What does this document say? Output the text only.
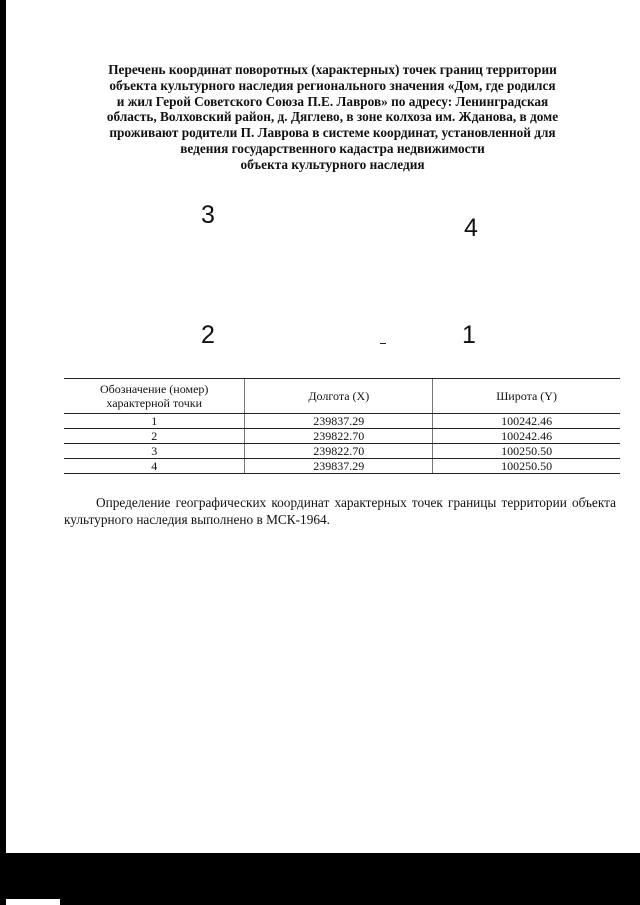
Перечень координат поворотных (характерных) точек границ территории
объекта культурного наследия регионального значения «Дом, где родился
и жил Герой Советского Союза П.Е. Лавров» по адресу: Ленинградская
область, Волховский район, д. Дяглево, в зоне колхоза им. Жданова, в доме
проживают родители П. Лаврова в системе координат, установленной для
ведения государственного кадастра недвижимости
объекта культурного наследия
3	4
2	1
Обозначение (номер) характерной точки	Долгота (X)	Широта (Y)
1	239837.29	100242.46
2	239822.70	100242.46
3	239822.70	100250.50
4	239837.29	100250.50

Определение географических координат характерных точек границы территории объекта культурного наследия выполнено в МСК-1964.
